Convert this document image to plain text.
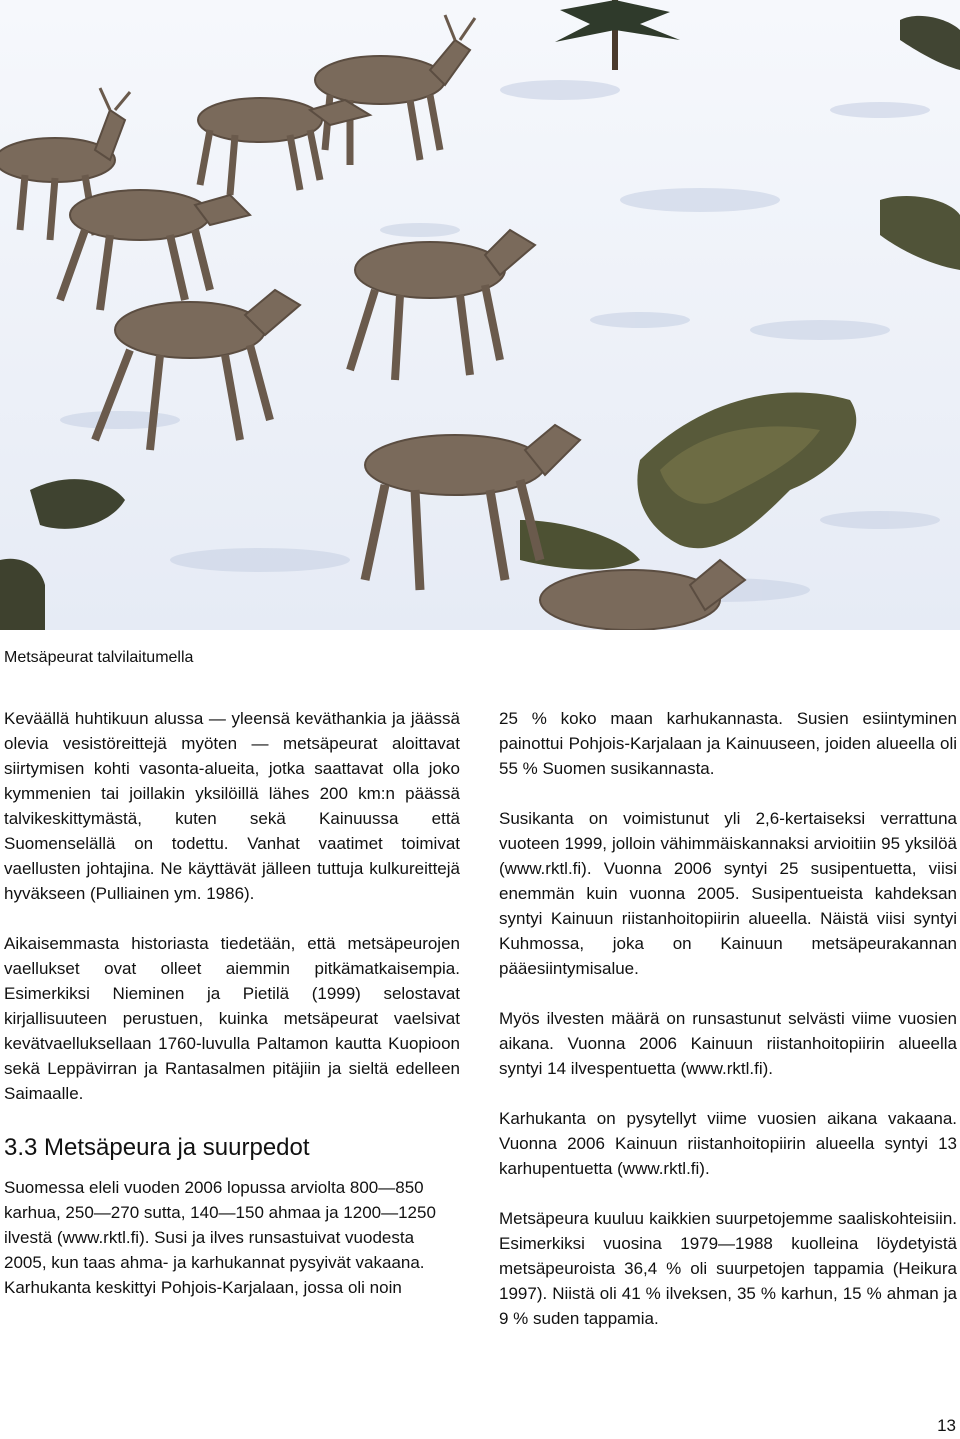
Metsäpeurat talvilaitumella

Keväällä huhtikuun alussa — yleensä keväthankia ja jäässä olevia vesistöreittejä myöten — metsäpeurat aloittavat siirtymisen kohti vasonta-alueita, jotka saattavat olla joko kymmenien tai joillakin yksilöillä lähes 200 km:n päässä talvikeskittymästä, kuten sekä Kainuussa että Suomenselällä on todettu. Vanhat vaatimet toimivat vaellusten johtajina. Ne käyttävät jälleen tuttuja kulkureittejä hyväkseen (Pulliainen ym. 1986).

Aikaisemmasta historiasta tiedetään, että metsäpeurojen vaellukset ovat olleet aiemmin pitkämatkaisempia. Esimerkiksi Nieminen ja Pietilä (1999) selostavat kirjallisuuteen perustuen, kuinka metsäpeurat vaelsivat kevätvaelluksellaan 1760-luvulla Paltamon kautta Kuopioon sekä Leppävirran ja Rantasalmen pitäjiin ja sieltä edelleen Saimaalle.

3.3 Metsäpeura ja suurpedot

Suomessa eleli vuoden 2006 lopussa arviolta 800—850 karhua, 250—270 sutta, 140—150 ahmaa ja 1200—1250 ilvestä (www.rktl.fi). Susi ja ilves runsastuivat vuodesta 2005, kun taas ahma- ja karhukannat pysyivät vakaana. Karhukanta keskittyi Pohjois-Karjalaan, jossa oli noin

25 % koko maan karhukannasta. Susien esiintyminen painottui Pohjois-Karjalaan ja Kainuuseen, joiden alueella oli 55 % Suomen susikannasta.

Susikanta on voimistunut yli 2,6-kertaiseksi verrattuna vuoteen 1999, jolloin vähimmäiskannaksi arvioitiin 95 yksilöä (www.rktl.fi). Vuonna 2006 syntyi 25 susipentuetta, viisi enemmän kuin vuonna 2005. Susipentueista kahdeksan syntyi Kainuun riistanhoitopiirin alueella. Näistä viisi syntyi Kuhmossa, joka on Kainuun metsäpeurakannan pääesiintymisalue.

Myös ilvesten määrä on runsastunut selvästi viime vuosien aikana. Vuonna 2006 Kainuun riistanhoitopiirin alueella syntyi 14 ilvespentuetta (www.rktl.fi).

Karhukanta on pysytellyt viime vuosien aikana vakaana. Vuonna 2006 Kainuun riistanhoitopiirin alueella syntyi 13 karhupentuetta (www.rktl.fi).

Metsäpeura kuuluu kaikkien suurpetojemme saaliskohteisiin. Esimerkiksi vuosina 1979—1988 kuolleina löydetyistä metsäpeuroista 36,4 % oli suurpetojen tappamia (Heikura 1997). Niistä oli 41 % ilveksen, 35 % karhun, 15 % ahman ja 9 % suden tappamia.

13
